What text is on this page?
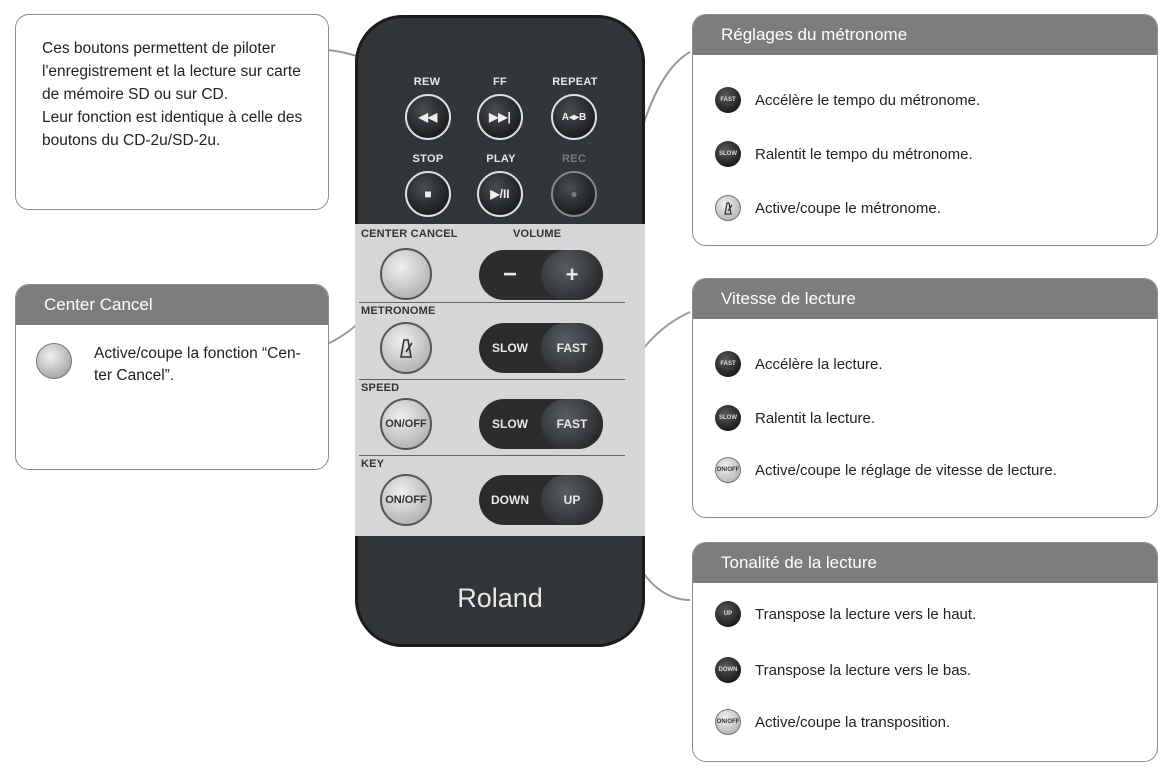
Ces boutons permettent de piloter
l'enregistrement et la lecture sur carte
de mémoire SD ou sur CD.
Leur fonction est identique à celle des
boutons du CD-2u/SD-2u.
Center Cancel
Active/coupe la fonction “Cen-
ter Cancel”.
Réglages du métronome
FAST	Accélère le tempo du métronome.
SLOW Ralentit le tempo du métronome.
Active/coupe le métronome.
Vitesse de lecture
FAST	Accélère la lecture.
SLOW Ralentit la lecture.
ON/OFF Active/coupe le réglage de vitesse de lecture.
Tonalité de la lecture
UP	Transpose la lecture vers le haut.
DOWN Transpose la lecture vers le bas.
ON/OFF Active/coupe la transposition.
REW	FF	REPEAT
◀◀	▶▶|	A◂▸B
STOP	PLAY	REC
■	▶/II	●
CENTER CANCEL	VOLUME
−	+
METRONOME
SLOW	FAST
SPEED
ON/OFF	SLOW	FAST
KEY
ON/OFF	DOWN	UP
Roland
